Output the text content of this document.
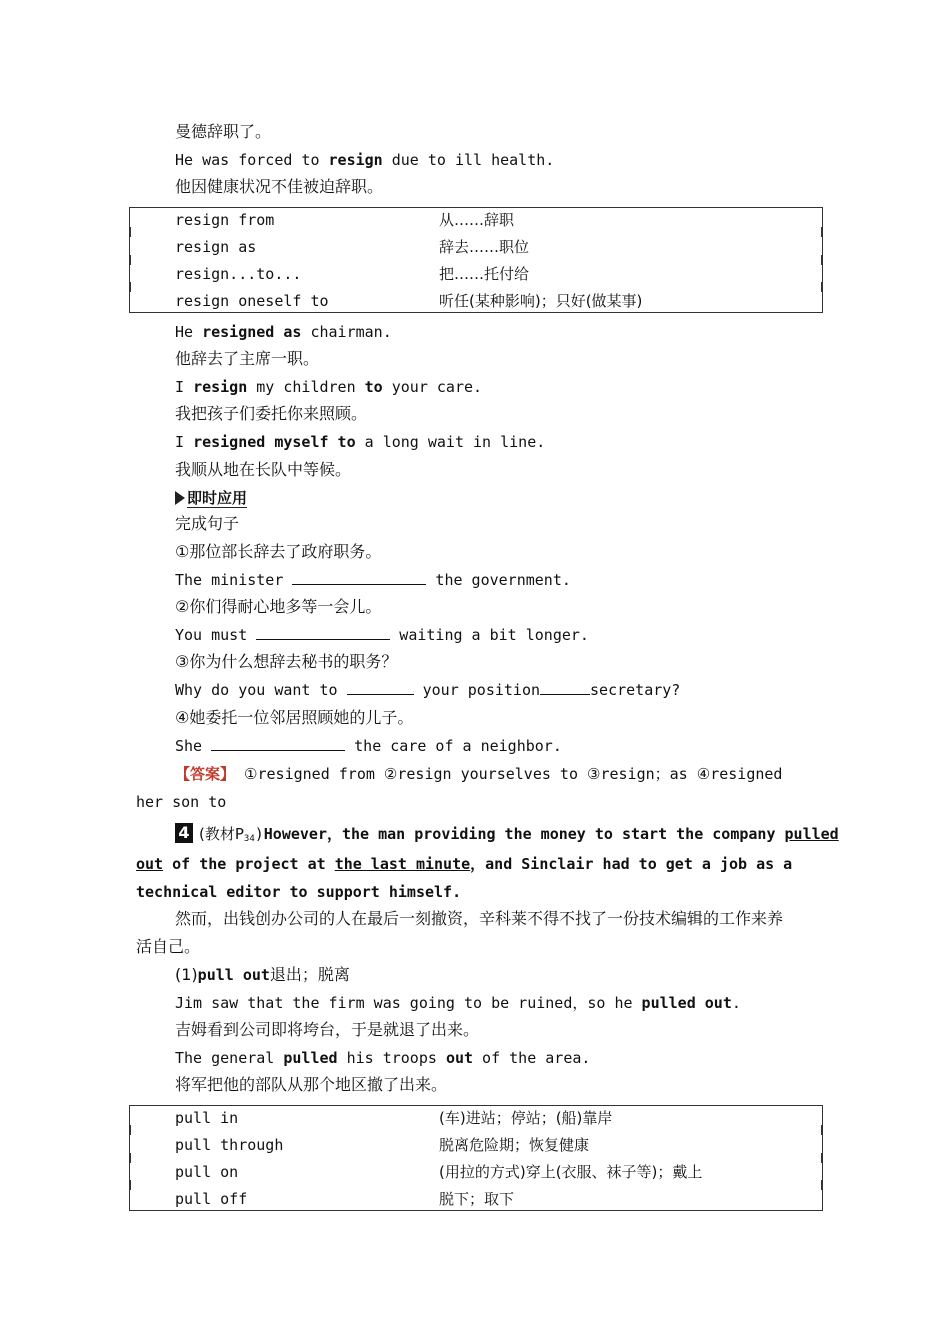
曼德辞职了。
He was forced to resign due to ill health.
他因健康状况不佳被迫辞职。
resign from	从……辞职
resign as	辞去……职位
resign...to...	把……托付给
resign oneself to	听任(某种影响)；只好(做某事)
He resigned as chairman.
他辞去了主席一职。
I resign my children to your care.
我把孩子们委托你来照顾。
I resigned myself to a long wait in line.
我顺从地在长队中等候。
即时应用
完成句子
①那位部长辞去了政府职务。
The minister	the government.
②你们得耐心地多等一会儿。
You must	waiting a bit longer.
③你为什么想辞去秘书的职务？
Why do you want to	your position	secretary?
④她委托一位邻居照顾她的儿子。
She	the care of a neighbor.
【答案】 ①resigned from ②resign yourselves to ③resign；as ④resigned
her son to
4 (教材$P_{34})However$，the man providing the money to start the company pulled
out of the project at the last minute，and Sinclair had to get a job as a
technical editor to support himself.
然而，出钱创办公司的人在最后一刻撤资，辛科莱不得不找了一份技术编辑的工作来养
活自己。
(1)pull out退出；脱离
Jim saw that the firm was going to be ruined，so he pulled out.
吉姆看到公司即将垮台，于是就退了出来。
The general pulled his troops out of the area.
将军把他的部队从那个地区撤了出来。
pull in	(车)进站；停站；(船)靠岸
pull through	脱离危险期；恢复健康
pull on	(用拉的方式)穿上(衣服、袜子等)；戴上
pull off	脱下；取下
